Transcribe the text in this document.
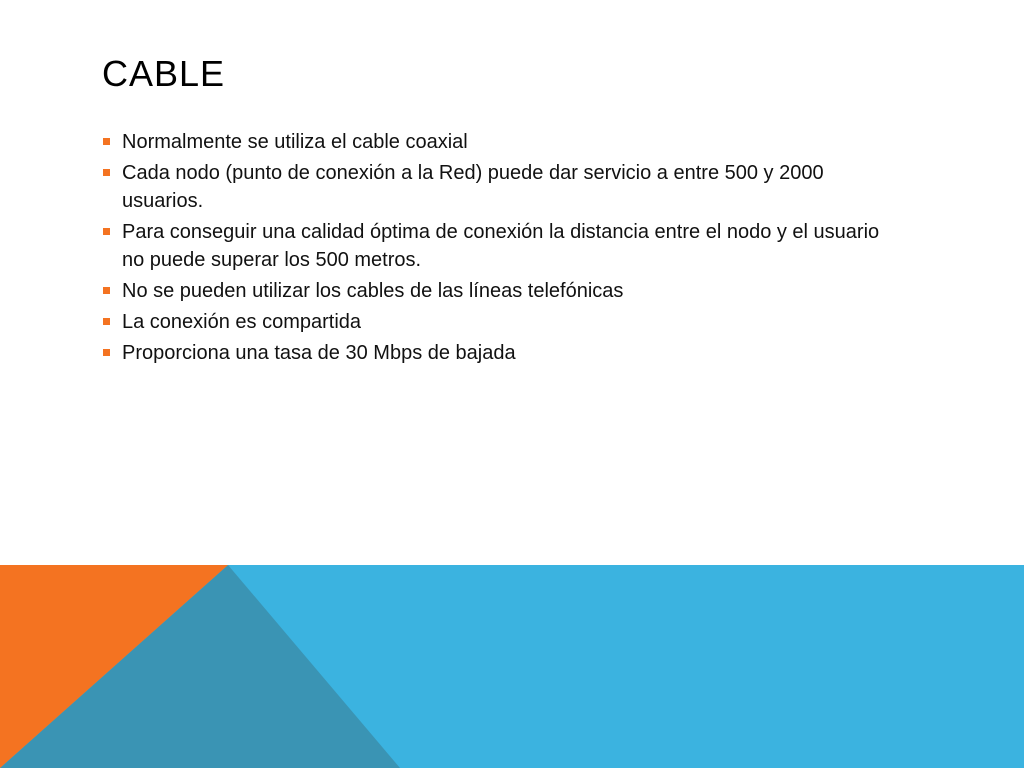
CABLE
Normalmente se utiliza el cable coaxial
Cada nodo (punto de conexión a la Red) puede dar servicio a entre 500 y 2000 usuarios.
Para conseguir una calidad óptima de conexión la distancia entre el nodo y el usuario no puede superar los 500 metros.
No se pueden utilizar los cables de las líneas telefónicas
La conexión es compartida
Proporciona una tasa de 30 Mbps de bajada
